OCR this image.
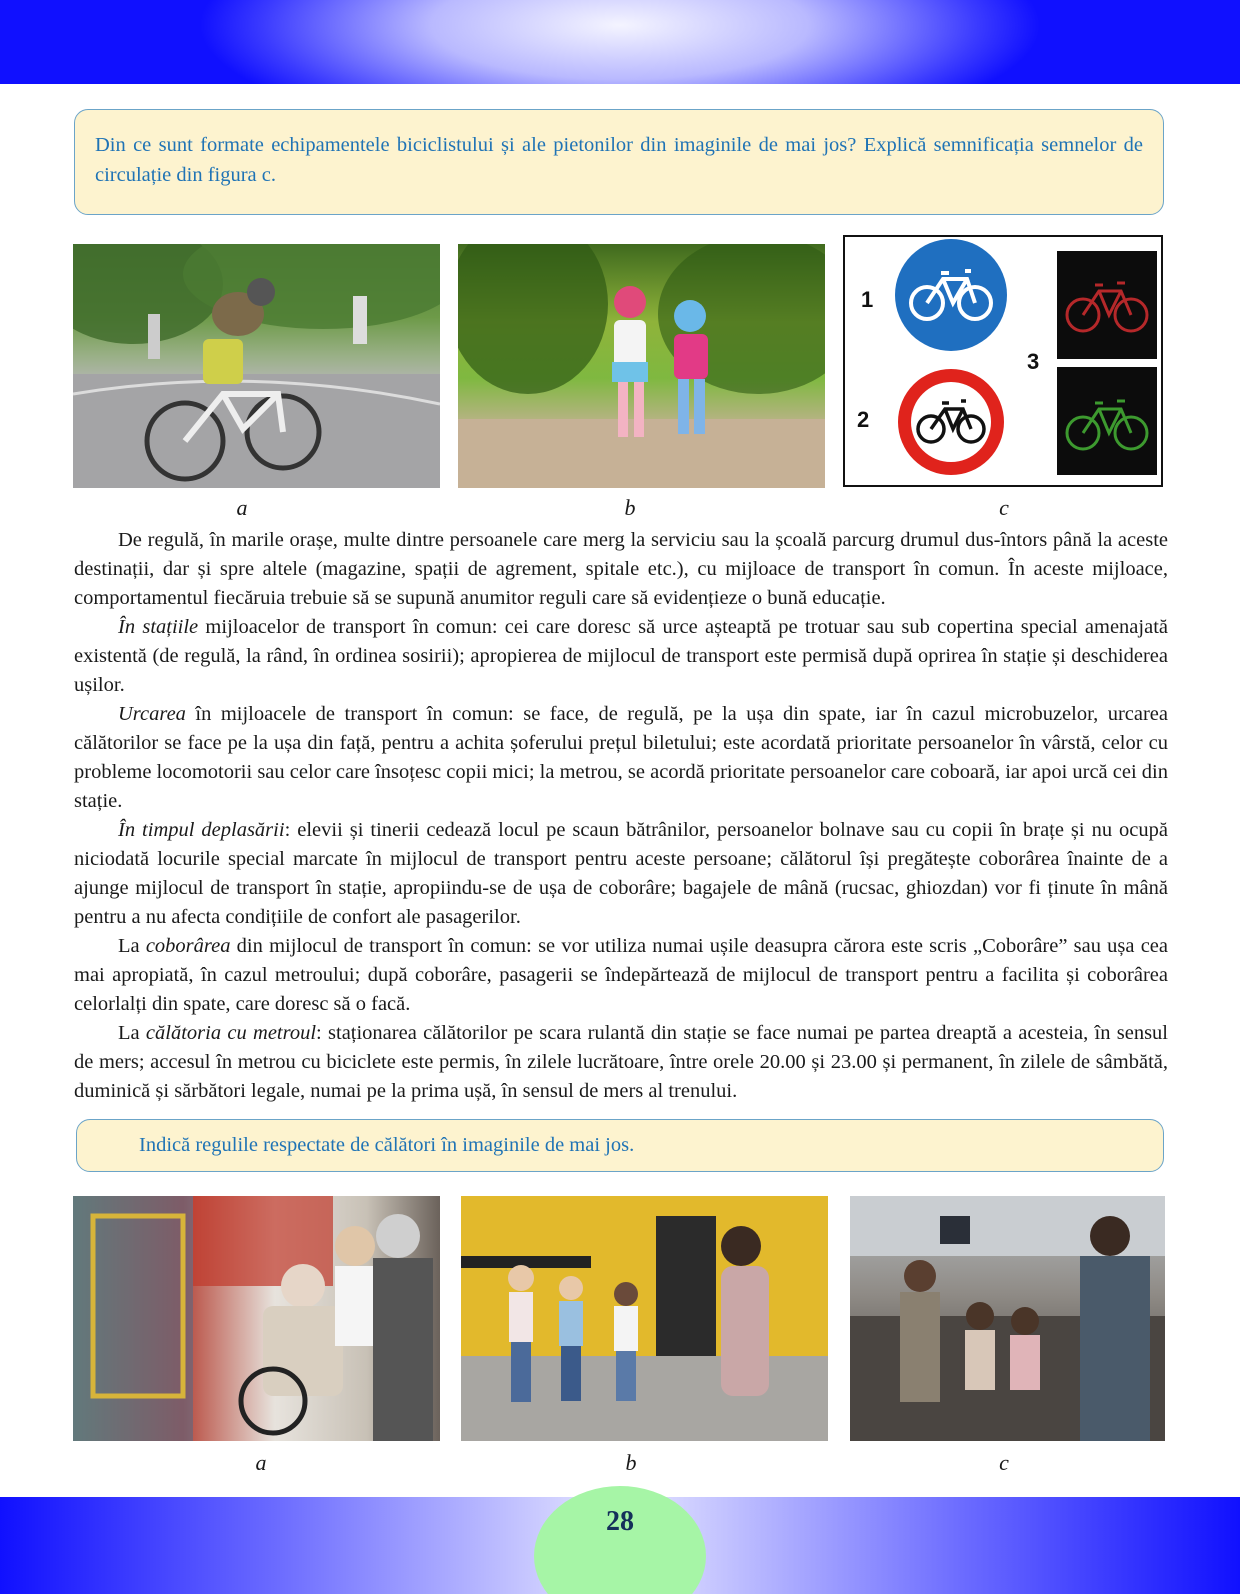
Din ce sunt formate echipamentele biciclistului și ale pietonilor din imaginile de mai jos? Explică semnificația semnelor de circulație din figura c.
1
2
3
a	b	c

De regulă, în marile orașe, multe dintre persoanele care merg la serviciu sau la școală parcurg drumul dus-întors până la aceste destinații, dar și spre altele (magazine, spații de agrement, spitale etc.), cu mijloace de transport în comun. În aceste mijloace, comportamentul fiecăruia trebuie să se supună anumitor reguli care să evidențieze o bună educație.

În stațiile mijloacelor de transport în comun: cei care doresc să urce așteaptă pe trotuar sau sub copertina special amenajată existentă (de regulă, la rând, în ordinea sosirii); apropierea de mijlocul de transport este permisă după oprirea în stație și deschiderea ușilor.

Urcarea în mijloacele de transport în comun: se face, de regulă, pe la ușa din spate, iar în cazul microbuzelor, urcarea călătorilor se face pe la ușa din față, pentru a achita șoferului prețul biletului; este acordată prioritate persoanelor în vârstă, celor cu probleme locomotorii sau celor care însoțesc copii mici; la metrou, se acordă prioritate persoanelor care coboară, iar apoi urcă cei din stație.

În timpul deplasării: elevii și tinerii cedează locul pe scaun bătrânilor, persoanelor bolnave sau cu copii în brațe și nu ocupă niciodată locurile special marcate în mijlocul de transport pentru aceste persoane; călătorul își pregătește coborârea înainte de a ajunge mijlocul de transport în stație, apropiindu-se de ușa de coborâre; bagajele de mână (rucsac, ghiozdan) vor fi ținute în mână pentru a nu afecta condițiile de confort ale pasagerilor.

La coborârea din mijlocul de transport în comun: se vor utiliza numai ușile deasupra cărora este scris „Coborâre” sau ușa cea mai apropiată, în cazul metroului; după coborâre, pasagerii se îndepărtează de mijlocul de transport pentru a facilita și coborârea celorlalți din spate, care doresc să o facă.

La călătoria cu metroul: staționarea călătorilor pe scara rulantă din stație se face numai pe partea dreaptă a acesteia, în sensul de mers; accesul în metrou cu biciclete este permis, în zilele lucrătoare, între orele 20.00 și 23.00 și permanent, în zilele de sâmbătă, duminică și sărbători legale, numai pe la prima ușă, în sensul de mers al trenului.

Indică regulile respectate de călători în imaginile de mai jos.
a	b	c
28
